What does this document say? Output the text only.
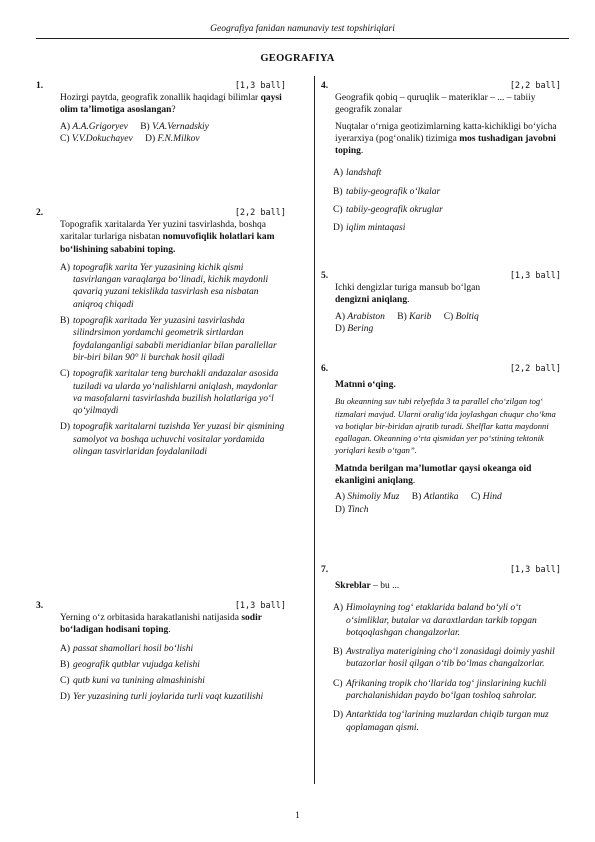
Geografiya fanidan namunaviy test topshiriqlari
GEOGRAFIYA
1.	[1,3 ball]

Hozirgi paytda, geografik zonallik haqidagi bilimlar qaysi olim ta’limotiga asoslangan?

A) A.A.Grigoryev B) V.A.Vernadskiy
C) V.V.Dokuchayev D) F.N.Milkov
2.	[2,2 ball]

Topografik xaritalarda Yer yuzini tasvirlashda, boshqa xaritalar turlariga nisbatan nomuvofiqlik holatlari kam bo‘lishining sababini toping.

A) topografik xarita Yer yuzasining kichik qismi tasvirlangan varaqlarga bo‘linadi, kichik maydonli qavariq yuzani tekislikda tasvirlash esa nisbatan aniqroq chiqadi
B) topografik xaritada Yer yuzasini tasvirlashda silindrsimon yordamchi geometrik sirtlardan foydalanganligi sababli meridianlar bilan parallellar bir-biri bilan 90° li burchak hosil qiladi
C) topografik xaritalar teng burchakli andazalar asosida tuziladi va ularda yo‘nalishlarni aniqlash, maydonlar va masofalarni tasvirlashda buzilish holatlariga yo‘l qo‘yilmaydi
D) topografik xaritalarni tuzishda Yer yuzasi bir qismining samolyot va boshqa uchuvchi vositalar yordamida olingan tasvirlaridan foydalaniladi
3.	[1,3 ball]

Yerning o‘z orbitasida harakatlanishi natijasida sodir bo‘ladigan hodisani toping.

A) passat shamollari hosil bo‘lishi
B) geografik qutblar vujudga kelishi
C) qutb kuni va tunining almashinishi
D) Yer yuzasining turli joylarida turli vaqt kuzatilishi
4.	[2,2 ball]

Geografik qobiq – quruqlik – materiklar – ... – tabiiy geografik zonalar

Nuqtalar o‘rniga geotizimlarning katta-kichikligi bo‘yicha iyerarxiya (pog‘onalik) tizimiga mos tushadigan javobni toping.

A) landshaft
B) tabiiy-geografik o‘lkalar
C) tabiiy-geografik okruglar
D) iqlim mintaqasi
5.	[1,3 ball]

Ichki dengizlar turiga mansub bo‘lgan
dengizni aniqlang.

A) Arabiston B) Karib C) Boltiq
D) Bering
6.	[2,2 ball]

Matnni o‘qing.

Bu okeanning suv tubi relyefida 3 ta parallel cho‘zilgan tog‘ tizmalari mavjud. Ularni oralig‘ida joylashgan chuqur cho‘kma va botiqlar bir-biridan ajratib turadi. Shelflar katta maydonni egallagan. Okeanning o‘rta qismidan yer po‘stining tektonik yoriqlari kesib o‘tgan”.

Matnda berilgan ma’lumotlar qaysi okeanga oid ekanligini aniqlang.

A) Shimoliy Muz B) Atlantika C) Hind
D) Tinch
7.	[1,3 ball]

Skreblar – bu ...

A) Himolayning tog‘ etaklarida baland bo‘yli o‘t o‘simliklar, butalar va daraxtlardan tarkib topgan botqoqlashgan changalzorlar.
B) Avstraliya materigining cho‘l zonasidagi doimiy yashil butazorlar hosil qilgan o‘tib bo‘lmas changalzorlar.
C) Afrikaning tropik cho‘llarida tog‘ jinslarining kuchli parchalanishidan paydo bo‘lgan toshloq sahrolar.
D) Antarktida tog‘larining muzlardan chiqib turgan muz qoplamagan qismi.
1
